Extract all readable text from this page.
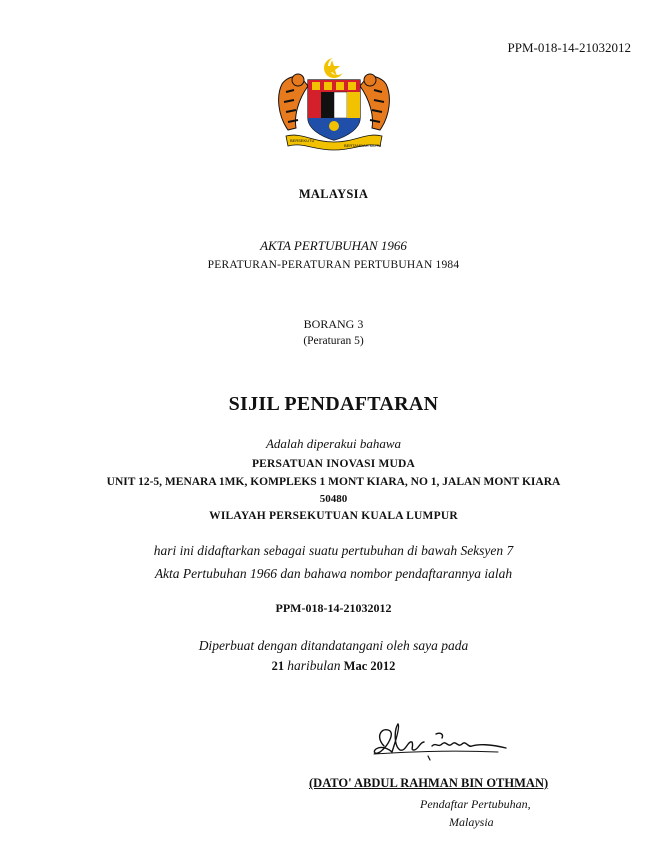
PPM-018-14-21032012
BERSEKUTU
BERTAMBAH MUTU
MALAYSIA
AKTA PERTUBUHAN 1966
PERATURAN-PERATURAN PERTUBUHAN 1984
BORANG 3
(Peraturan 5)
SIJIL PENDAFTARAN
Adalah diperakui bahawa
PERSATUAN INOVASI MUDA
UNIT 12-5, MENARA 1MK, KOMPLEKS 1 MONT KIARA, NO 1, JALAN MONT KIARA
50480
WILAYAH PERSEKUTUAN KUALA LUMPUR
hari ini didaftarkan sebagai suatu pertubuhan di bawah Seksyen 7
Akta Pertubuhan 1966 dan bahawa nombor pendaftarannya ialah
PPM-018-14-21032012
Diperbuat dengan ditandatangani oleh saya pada
21 haribulan Mac 2012
(DATO' ABDUL RAHMAN BIN OTHMAN)
Pendaftar Pertubuhan,
Malaysia
